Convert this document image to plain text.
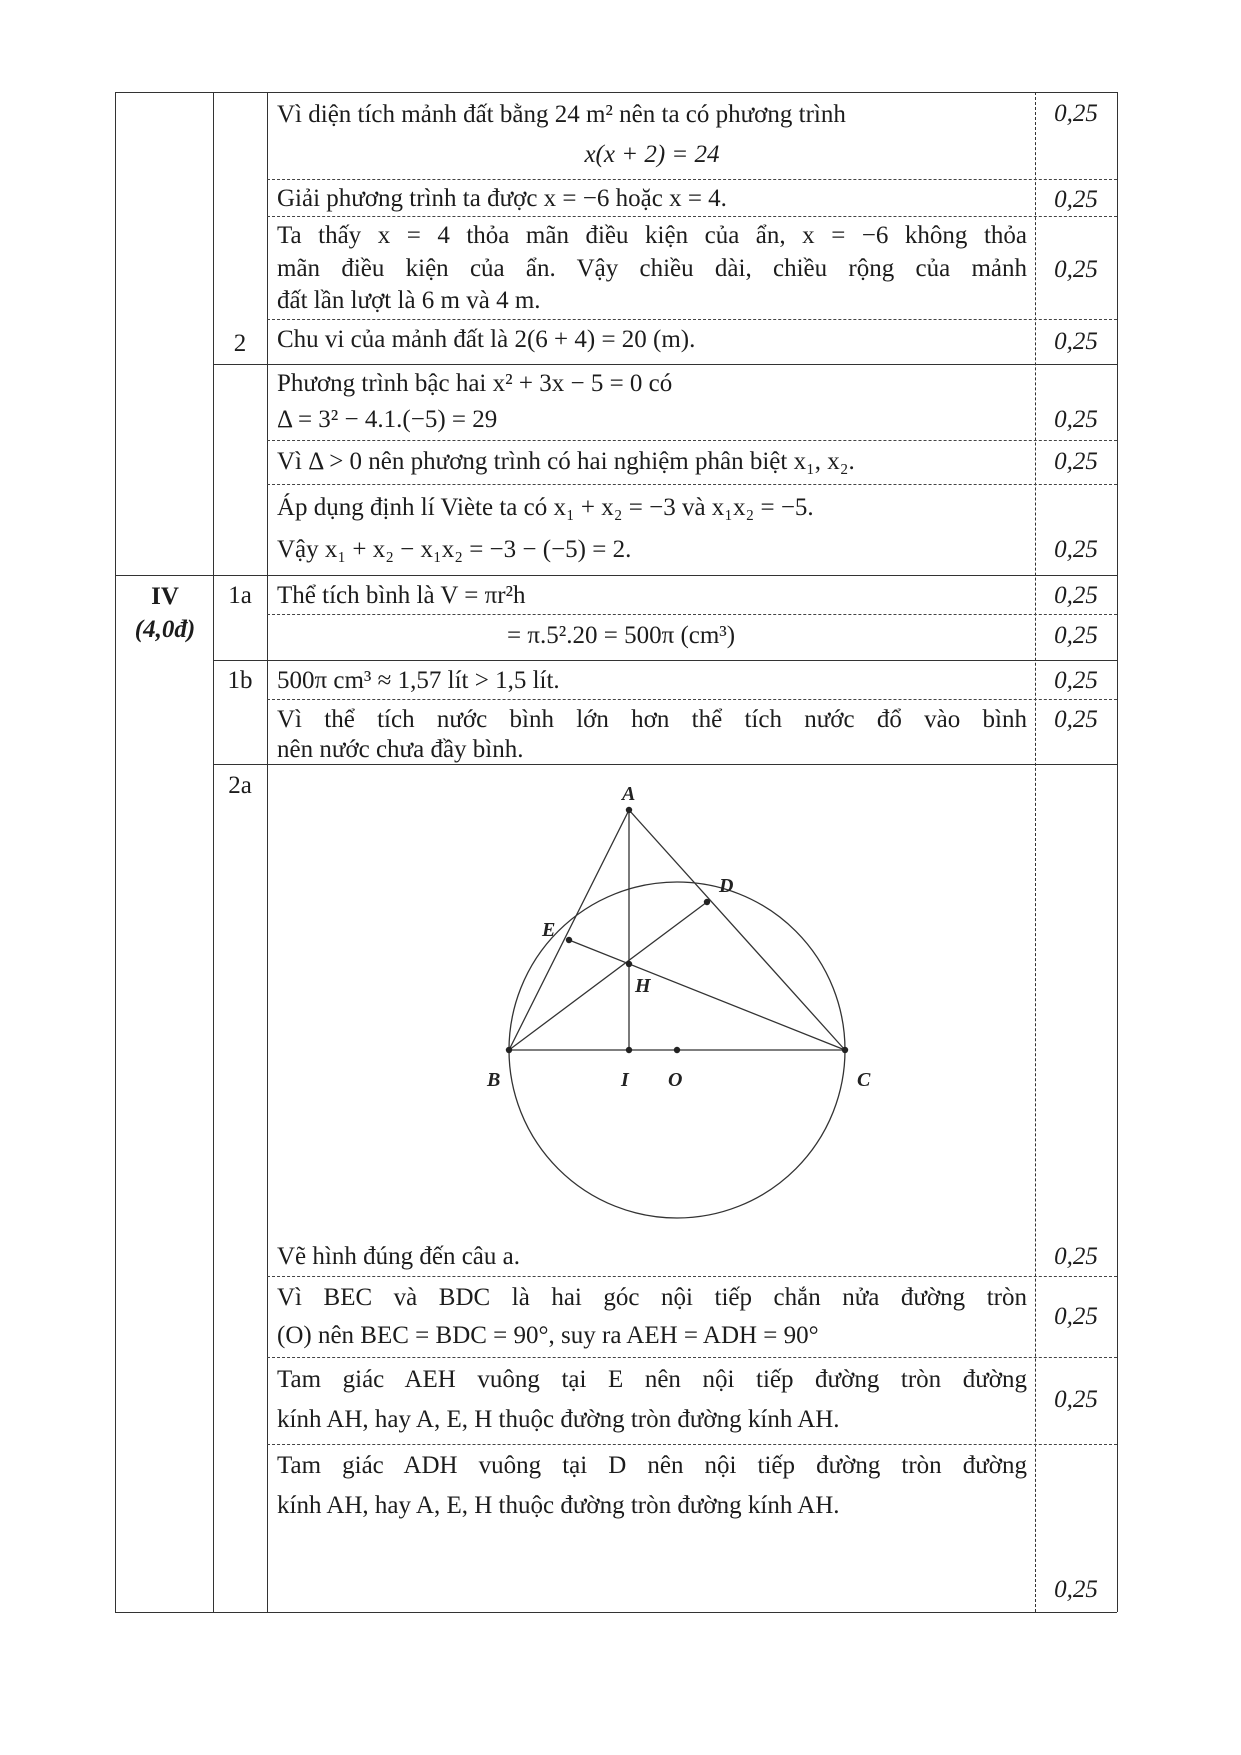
IV
(4,0đ)
2
1a
1b
2a
Vì diện tích mảnh đất bằng 24 m² nên ta có phương trình
x(x + 2) = 24
Giải phương trình ta được x = −6 hoặc x = 4.
Ta thấy x = 4 thỏa mãn điều kiện của ẩn, x = −6 không thỏa
mãn điều kiện của ẩn. Vậy chiều dài, chiều rộng của mảnh
đất lần lượt là 6 m và 4 m.
Chu vi của mảnh đất là 2(6 + 4) = 20 (m).
Phương trình bậc hai x² + 3x − 5 = 0 có
Δ = 3² − 4.1.(−5) = 29
Vì Δ > 0 nên phương trình có hai nghiệm phân biệt x₁, x₂.
Áp dụng định lí Viète ta có x₁ + x₂ = −3 và x₁x₂ = −5.
Vậy x₁ + x₂ − x₁x₂ = −3 − (−5) = 2.
Thể tích bình là V = πr²h
= π.5².20 = 500π (cm³)
500π cm³ ≈ 1,57 lít > 1,5 lít.
Vì thể tích nước bình lớn hơn thể tích nước đổ vào bình
nên nước chưa đầy bình.
A
D
E
H
B	I O	C
Vẽ hình đúng đến câu a.
Vì BEC và BDC là hai góc nội tiếp chắn nửa đường tròn
(O) nên BEC = BDC = 90°, suy ra AEH = ADH = 90°
Tam giác AEH vuông tại E nên nội tiếp đường tròn đường
kính AH, hay A, E, H thuộc đường tròn đường kính AH.
Tam giác ADH vuông tại D nên nội tiếp đường tròn đường
kính AH, hay A, E, H thuộc đường tròn đường kính AH.
0,25
0,25
0,25
0,25
0,25
0,25
0,25
0,25
0,25
0,25
0,25
0,25
0,25
0,25
0,25
